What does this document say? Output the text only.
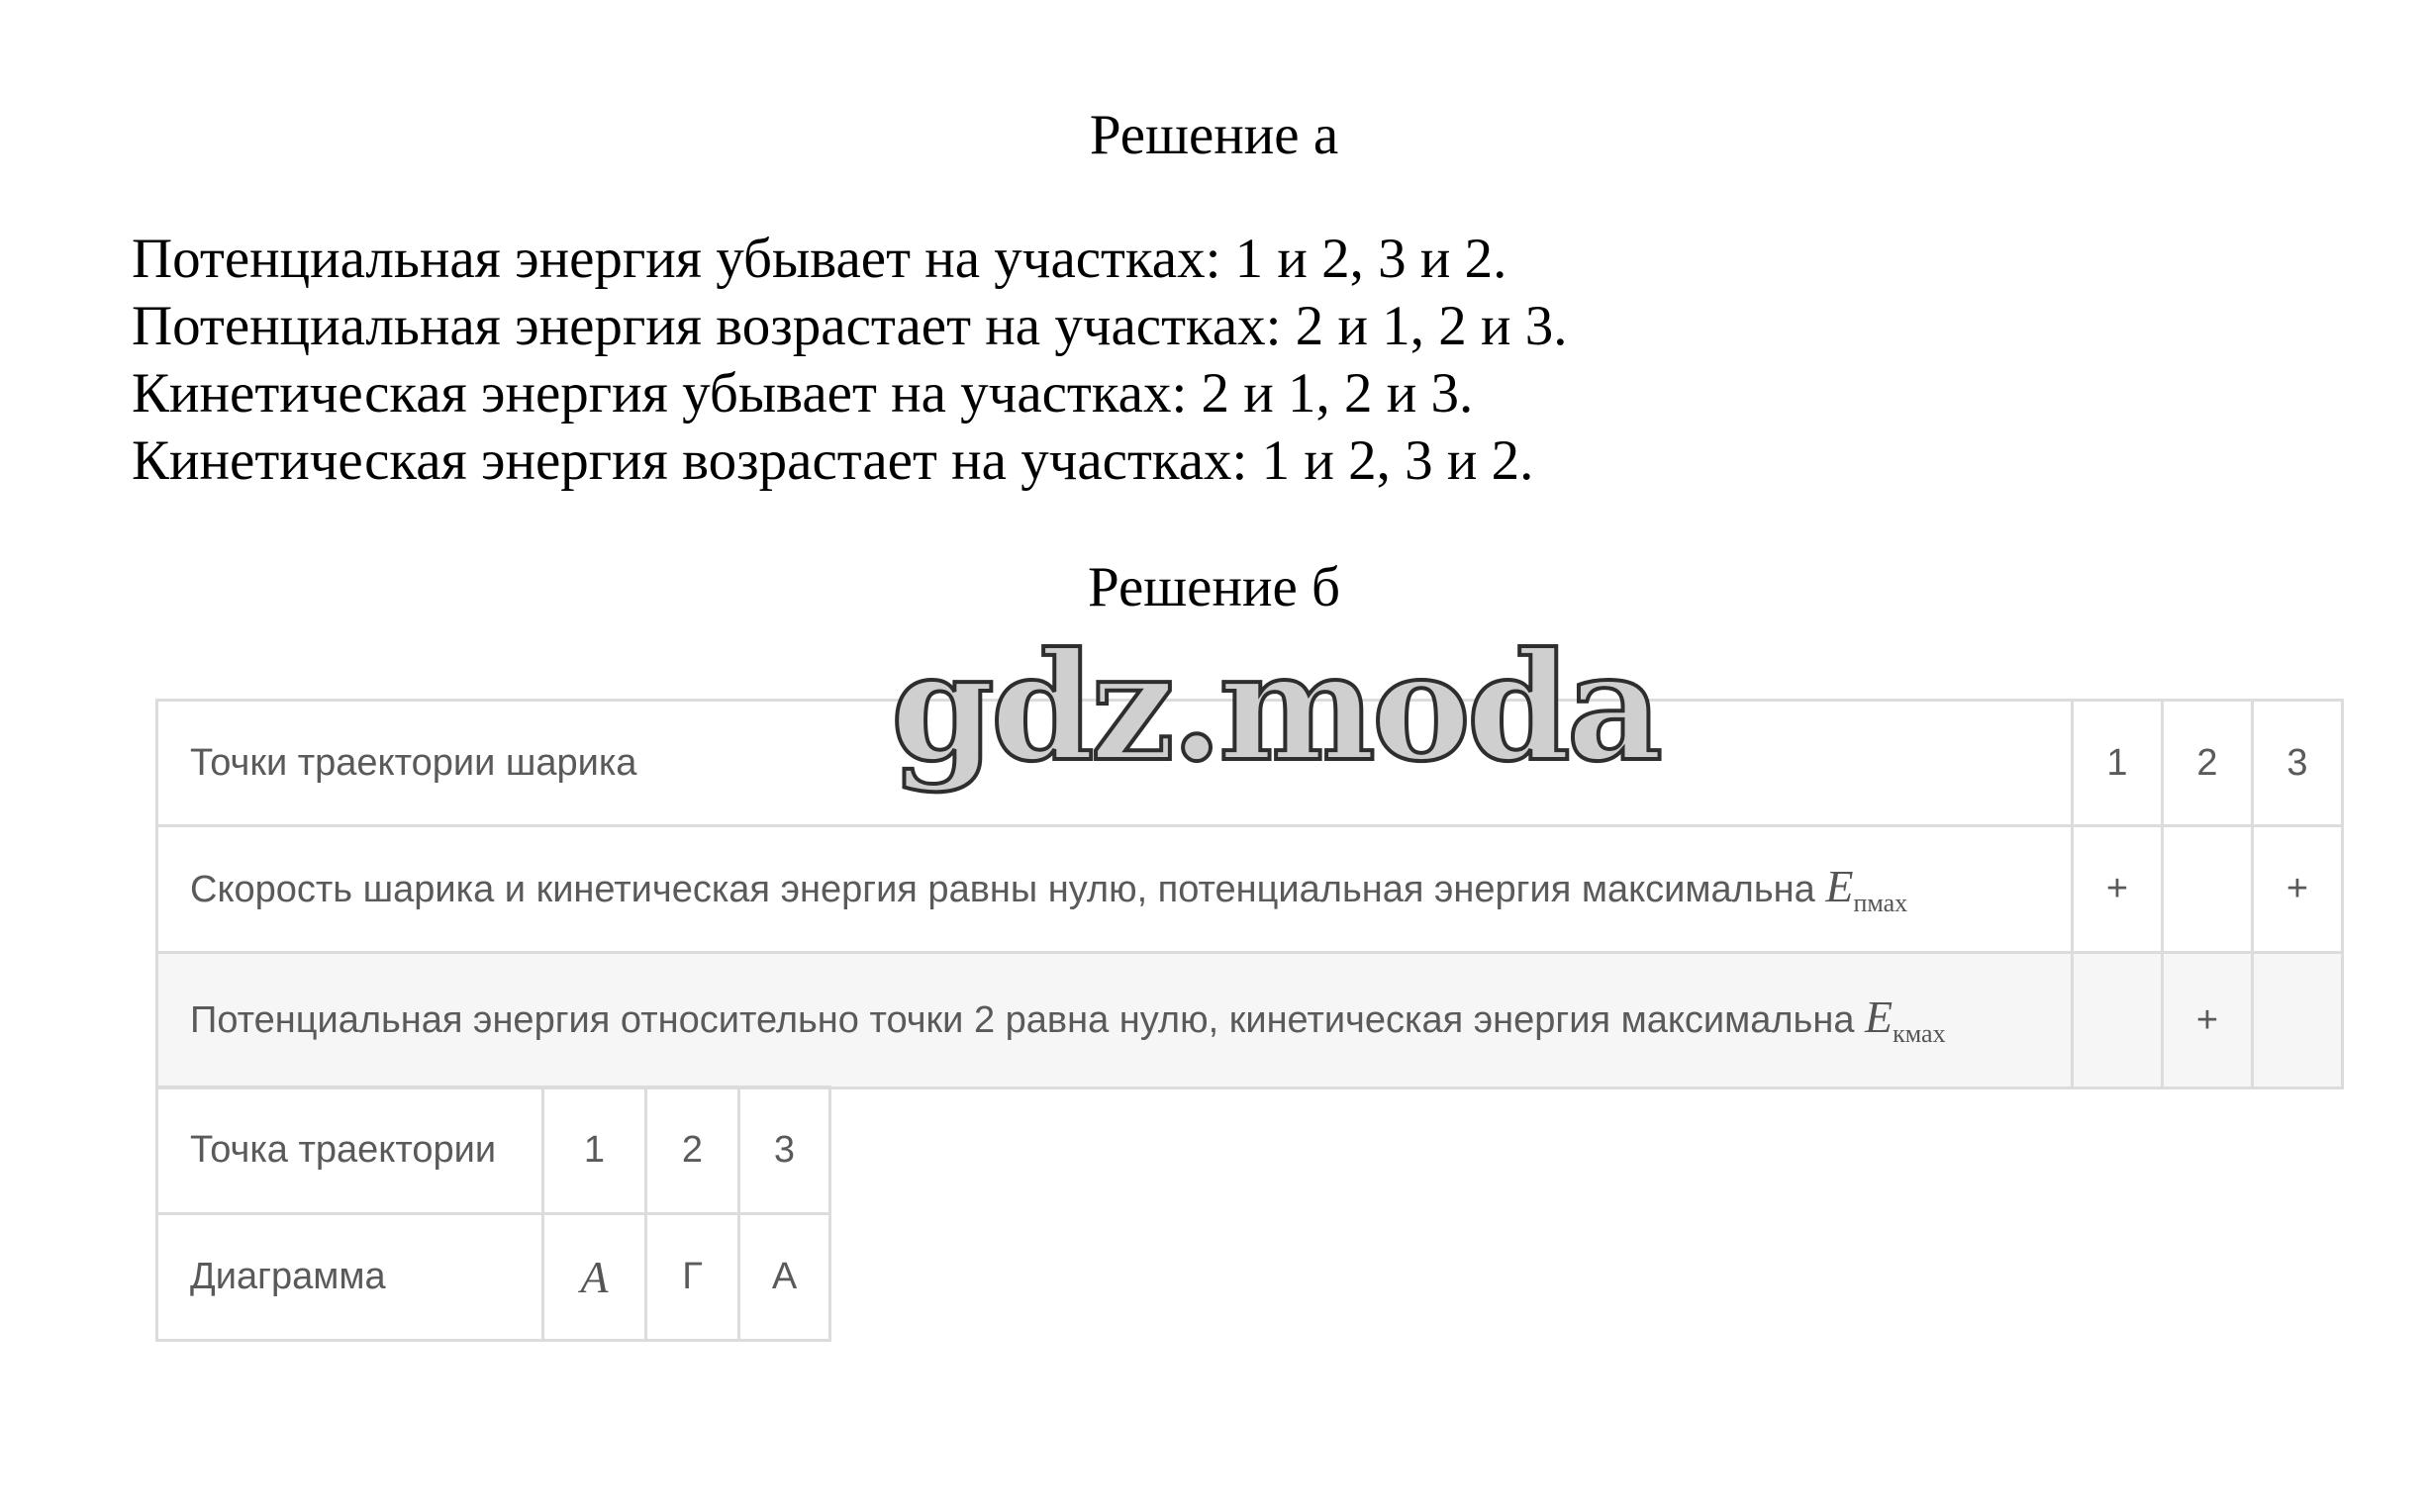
Решение а
Потенциальная энергия убывает на участках: 1 и 2, 3 и 2.
Потенциальная энергия возрастает на участках: 2 и 1, 2 и 3.
Кинетическая энергия убывает на участках: 2 и 1, 2 и 3.
Кинетическая энергия возрастает на участках: 1 и 2, 3 и 2.
Решение б
Точки траектории шарика	1	2	3
Скорость шарика и кинетическая энергия равны нулю, потенциальная энергия максимальна $E_{пмах}$	+		+
Потенциальная энергия относительно точки 2 равна нулю, кинетическая энергия максимальна $E_{кмах}$		+	
Точка траектории	1	2	3
Диаграмма	А	Г	А
gdz.moda
